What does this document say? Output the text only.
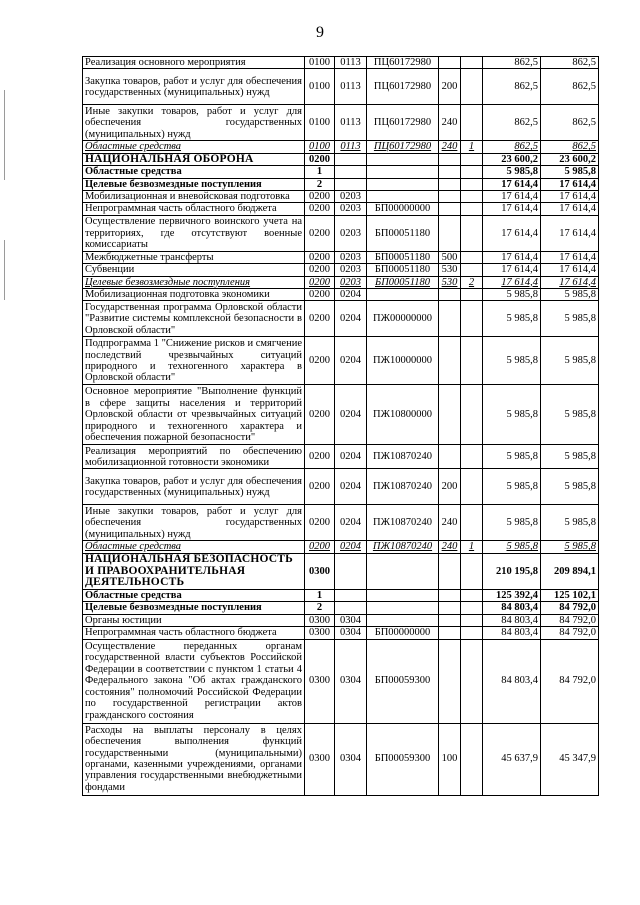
9
Реализация основного мероприятия	0100	0113	ПЦ60172980			862,5	862,5
Закупка товаров, работ и услуг для обеспечения государственных (муниципальных) нужд	0100	0113	ПЦ60172980	200		862,5	862,5
Иные закупки товаров, работ и услуг для обеспечения государственных (муниципальных) нужд	0100	0113	ПЦ60172980	240		862,5	862,5
Областные средства	0100	0113	ПЦ60172980	240	1	862,5	862,5
НАЦИОНАЛЬНАЯ ОБОРОНА	0200					23 600,2	23 600,2
Областные средства	1					5 985,8	5 985,8
Целевые безвозмездные поступления	2					17 614,4	17 614,4
Мобилизационная и вневойсковая подготовка	0200	0203				17 614,4	17 614,4
Непрограммная часть областного бюджета	0200	0203	БП00000000			17 614,4	17 614,4
Осуществление первичного воинского учета на территориях, где отсутствуют военные комиссариаты	0200	0203	БП00051180			17 614,4	17 614,4
Межбюджетные трансферты	0200	0203	БП00051180	500		17 614,4	17 614,4
Субвенции	0200	0203	БП00051180	530		17 614,4	17 614,4
Целевые безвозмездные поступления	0200	0203	БП00051180	530	2	17 614,4	17 614,4
Мобилизационная подготовка экономики	0200	0204				5 985,8	5 985,8
Государственная программа Орловской области "Развитие системы комплексной безопасности в Орловской области"	0200	0204	ПЖ00000000			5 985,8	5 985,8
Подпрограмма 1 "Снижение рисков и смягчение последствий чрезвычайных ситуаций природного и техногенного характера в Орловской области"	0200	0204	ПЖ10000000			5 985,8	5 985,8
Основное мероприятие "Выполнение функций в сфере защиты населения и территорий Орловской области от чрезвычайных ситуаций природного и техногенного характера и обеспечения пожарной безопасности"	0200	0204	ПЖ10800000			5 985,8	5 985,8
Реализация мероприятий по обеспечению мобилизационной готовности экономики	0200	0204	ПЖ10870240			5 985,8	5 985,8
Закупка товаров, работ и услуг для обеспечения государственных (муниципальных) нужд	0200	0204	ПЖ10870240	200		5 985,8	5 985,8
Иные закупки товаров, работ и услуг для обеспечения государственных (муниципальных) нужд	0200	0204	ПЖ10870240	240		5 985,8	5 985,8
Областные средства	0200	0204	ПЖ10870240	240	1	5 985,8	5 985,8
НАЦИОНАЛЬНАЯ БЕЗОПАСНОСТЬ И ПРАВООХРАНИТЕЛЬНАЯ ДЕЯТЕЛЬНОСТЬ	0300					210 195,8	209 894,1
Областные средства	1					125 392,4	125 102,1
Целевые безвозмездные поступления	2					84 803,4	84 792,0
Органы юстиции	0300	0304				84 803,4	84 792,0
Непрограммная часть областного бюджета	0300	0304	БП00000000			84 803,4	84 792,0
Осуществление переданных органам государственной власти субъектов Российской Федерации в соответствии с пунктом 1 статьи 4 Федерального закона "Об актах гражданского состояния" полномочий Российской Федерации по государственной регистрации актов гражданского состояния	0300	0304	БП00059300			84 803,4	84 792,0
Расходы на выплаты персоналу в целях обеспечения выполнения функций государственными (муниципальными) органами, казенными учреждениями, органами управления государственными внебюджетными фондами	0300	0304	БП00059300	100		45 637,9	45 347,9
